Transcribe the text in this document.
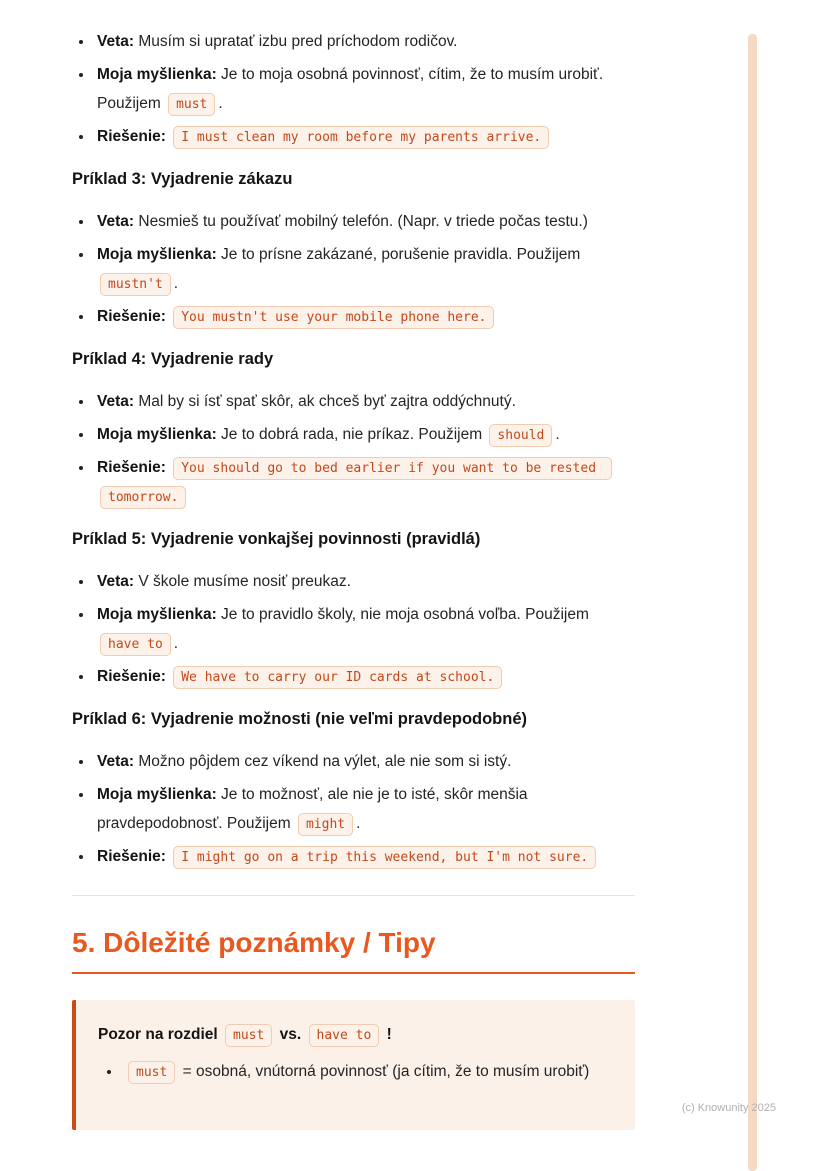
• Veta: Musím si upratať izbu pred príchodom rodičov.
• Moja myšlienka: Je to moja osobná povinnosť, cítim, že to musím urobiť. Použijem must .
• Riešenie: I must clean my room before my parents arrive.
Príklad 3: Vyjadrenie zákazu
• Veta: Nesmieš tu používať mobilný telefón. (Napr. v triede počas testu.)
• Moja myšlienka: Je to prísne zakázané, porušenie pravidla. Použijem mustn't .
• Riešenie: You mustn't use your mobile phone here.
Príklad 4: Vyjadrenie rady
• Veta: Mal by si ísť spať skôr, ak chceš byť zajtra oddýchnutý.
• Moja myšlienka: Je to dobrá rada, nie príkaz. Použijem should .
• Riešenie: You should go to bed earlier if you want to be rested tomorrow.
Príklad 5: Vyjadrenie vonkajšej povinnosti (pravidlá)
• Veta: V škole musíme nosiť preukaz.
• Moja myšlienka: Je to pravidlo školy, nie moja osobná voľba. Použijem have to .
• Riešenie: We have to carry our ID cards at school.
Príklad 6: Vyjadrenie možnosti (nie veľmi pravdepodobné)
• Veta: Možno pôjdem cez víkend na výlet, ale nie som si istý.
• Moja myšlienka: Je to možnosť, ale nie je to isté, skôr menšia pravdepodobnosť. Použijem might .
• Riešenie: I might go on a trip this weekend, but I'm not sure.
5. Dôležité poznámky / Tipy

Pozor na rozdiel must vs. have to !

• must = osobná, vnútorná povinnosť (ja cítim, že to musím urobiť)
(c) Knowunity 2025
